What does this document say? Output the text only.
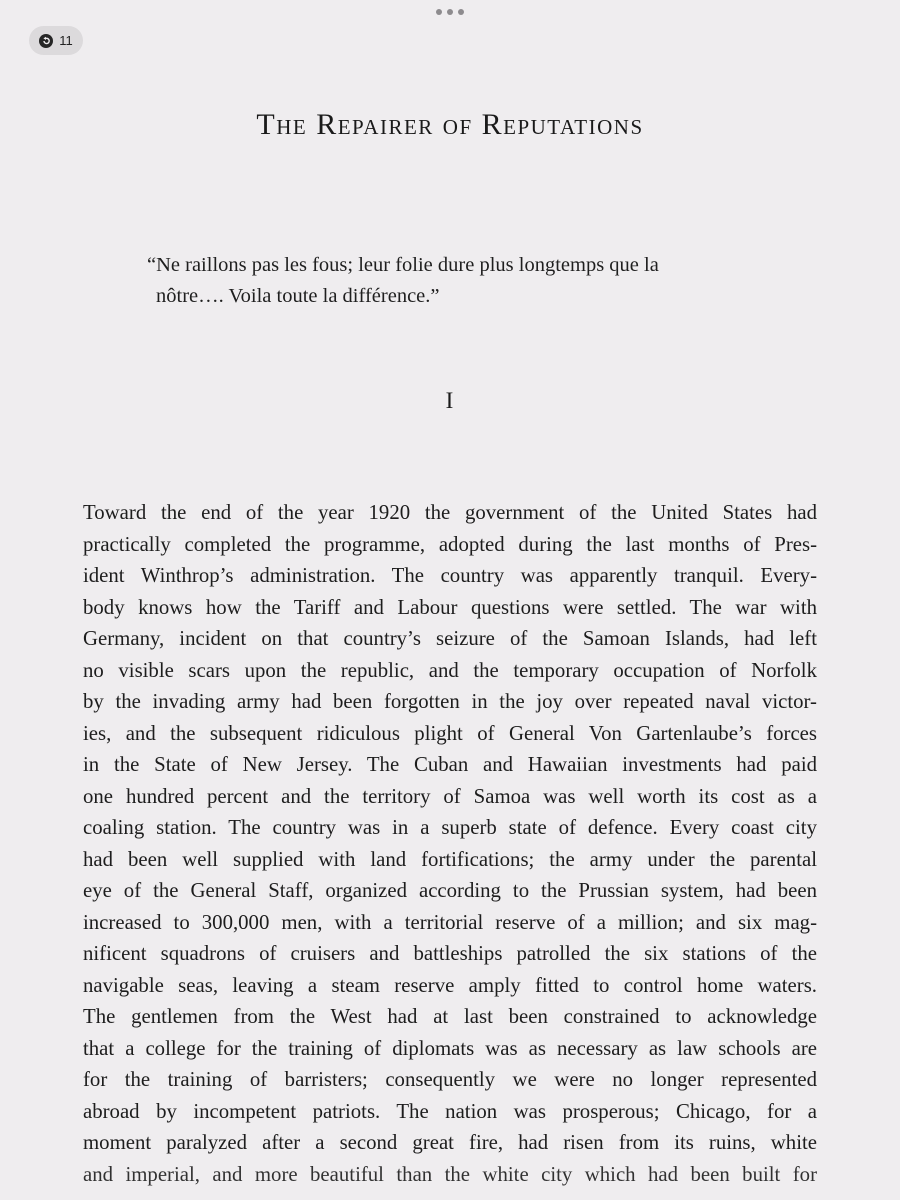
11
The Repairer of Reputations
“Ne raillons pas les fous; leur folie dure plus longtemps que la
nôtre…. Voila toute la différence.”
I
Toward the end of the year 1920 the government of the United States had
practically completed the programme, adopted during the last months of Pres-
ident Winthrop’s administration. The country was apparently tranquil. Every-
body knows how the Tariff and Labour questions were settled. The war with
Germany, incident on that country’s seizure of the Samoan Islands, had left
no visible scars upon the republic, and the temporary occupation of Norfolk
by the invading army had been forgotten in the joy over repeated naval victor-
ies, and the subsequent ridiculous plight of General Von Gartenlaube’s forces
in the State of New Jersey. The Cuban and Hawaiian investments had paid
one hundred percent and the territory of Samoa was well worth its cost as a
coaling station. The country was in a superb state of defence. Every coast city
had been well supplied with land fortifications; the army under the parental
eye of the General Staff, organized according to the Prussian system, had been
increased to 300,000 men, with a territorial reserve of a million; and six mag-
nificent squadrons of cruisers and battleships patrolled the six stations of the
navigable seas, leaving a steam reserve amply fitted to control home waters.
The gentlemen from the West had at last been constrained to acknowledge
that a college for the training of diplomats was as necessary as law schools are
for the training of barristers; consequently we were no longer represented
abroad by incompetent patriots. The nation was prosperous; Chicago, for a
moment paralyzed after a second great fire, had risen from its ruins, white
and imperial, and more beautiful than the white city which had been built for
